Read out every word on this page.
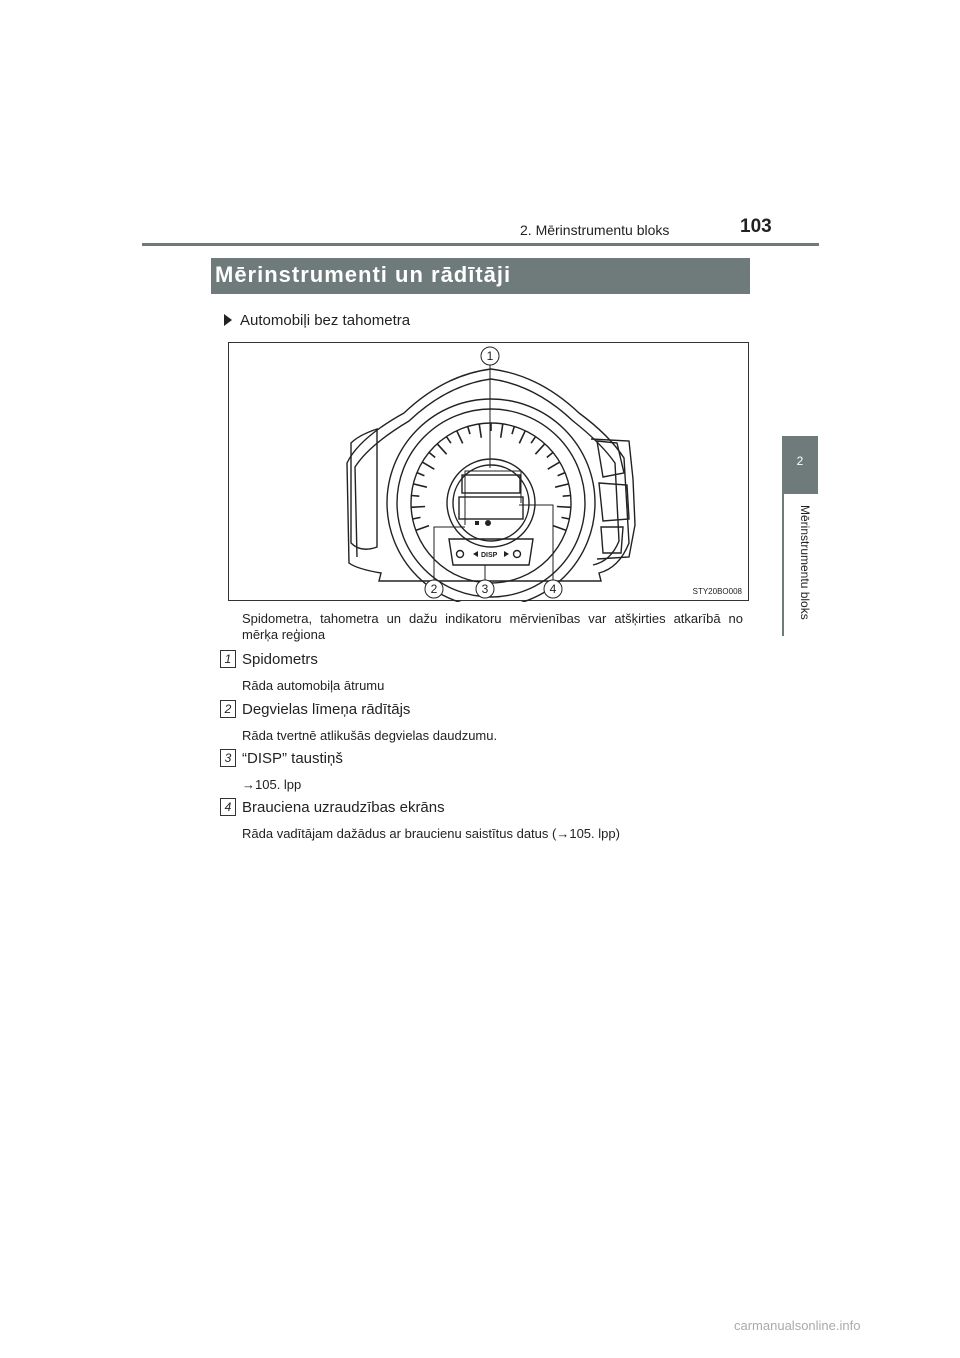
2. Mērinstrumentu bloks	103
2
Mērinstrumentu bloks
Mērinstrumenti un rādītāji
Automobiļi bez tahometra
DISP
1
2	3	4	STY20BO008
Spidometra, tahometra un dažu indikatoru mērvienības var atšķirties atkarībā no mērķa reģiona
1 Spidometrs
Rāda automobiļa ātrumu
2 Degvielas līmeņa rādītājs
Rāda tvertnē atlikušās degvielas daudzumu.
3 “DISP” taustiņš
→105. lpp
4 Brauciena uzraudzības ekrāns
Rāda vadītājam dažādus ar braucienu saistītus datus (→105. lpp)
carmanualsonline.info
